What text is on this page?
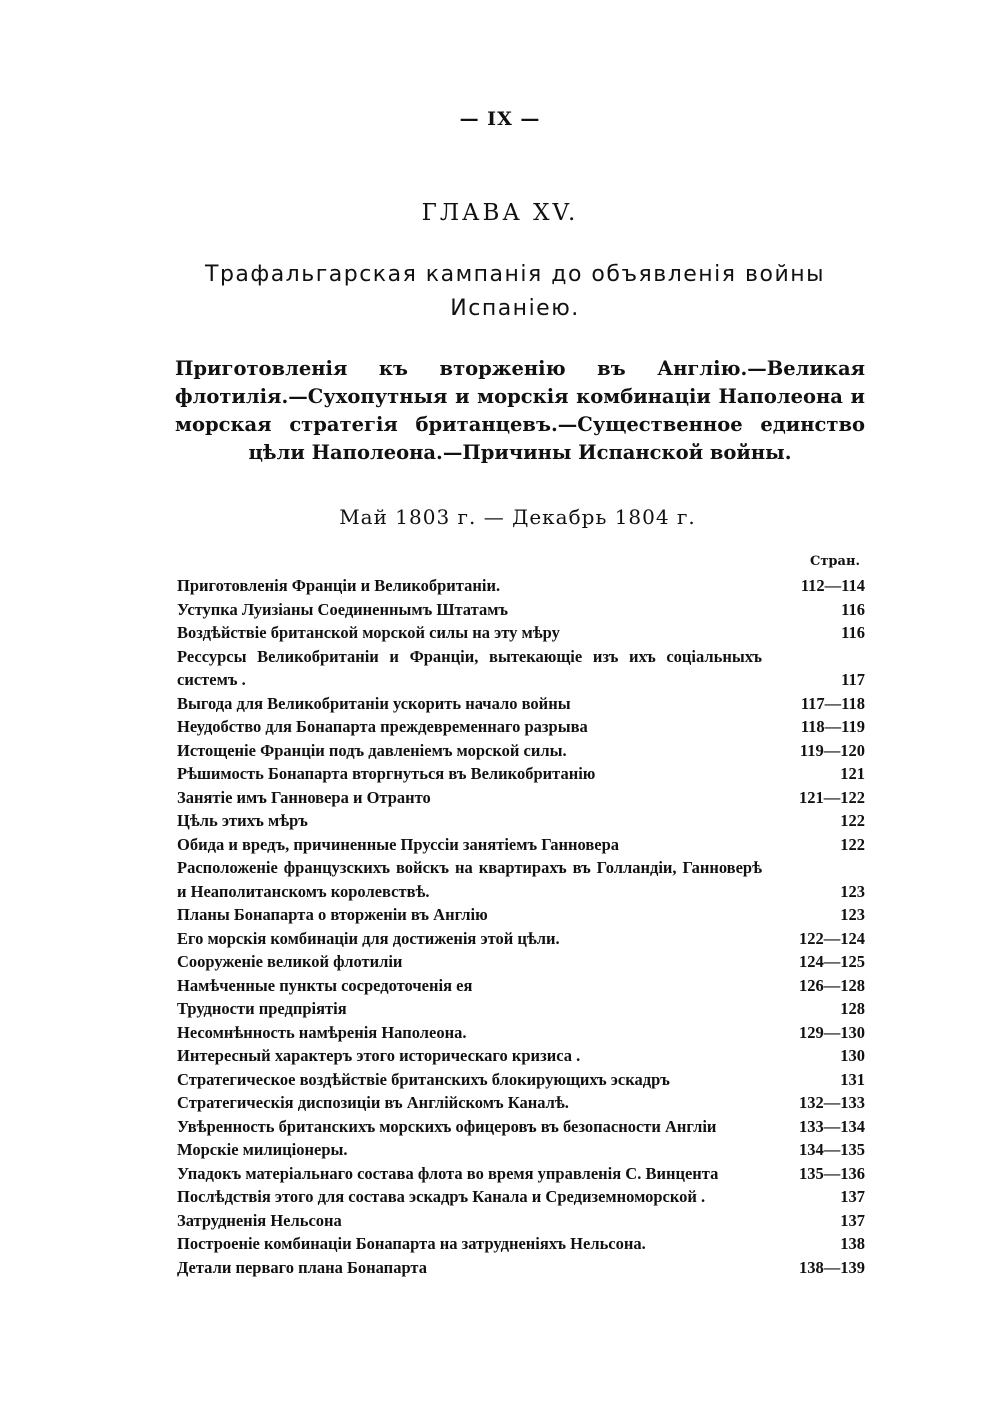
— IX —
ГЛАВА XV.
Трафальгарская кампанія до объявленія войны Испаніею.
Приготовленія къ вторженію въ Англію.—Великая флотилія.—Сухопутныя и морскія комбинаціи Наполеона и морская стратегія британцевъ.—Существенное единство цѣли Наполеона.—Причины Испанской войны.
Май 1803 г. — Декабрь 1804 г.
Стран.
Приготовленія Франціи и Великобританіи.	112—114
Уступка Луизіаны Соединеннымъ Штатамъ	116
Воздѣйствіе британской морской силы на эту мѣру	116
Рессурсы Великобританіи и Франціи, вытекающіе изъ ихъ соціальныхъ системъ .	117
Выгода для Великобританіи ускорить начало войны	117—118
Неудобство для Бонапарта преждевременнаго разрыва	118—119
Истощеніе Франціи подъ давленіемъ морской силы.	119—120
Рѣшимость Бонапарта вторгнуться въ Великобританію	121
Занятіе имъ Ганновера и Отранто	121—122
Цѣль этихъ мѣръ	122
Обида и вредъ, причиненные Пруссіи занятіемъ Ганновера	122
Расположеніе французскихъ войскъ на квартирахъ въ Голландіи, Ганноверѣ и Неаполитанскомъ королевствѣ.	123
Планы Бонапарта о вторженіи въ Англію	123
Его морскія комбинаціи для достиженія этой цѣли.	122—124
Сооруженіе великой флотиліи	124—125
Намѣченные пункты сосредоточенія ея	126—128
Трудности предпріятія	128
Несомнѣнность намѣренія Наполеона.	129—130
Интересный характеръ этого историческаго кризиса .	130
Стратегическое воздѣйствіе британскихъ блокирующихъ эскадръ	131
Стратегическія диспозиціи въ Англійскомъ Каналѣ.	132—133
Увѣренность британскихъ морскихъ офицеровъ въ безопасности Англіи	133—134
Морскіе милиціонеры.	134—135
Упадокъ матеріальнаго состава флота во время управленія С. Винцента	135—136
Послѣдствія этого для состава эскадръ Канала и Средиземноморской .	137
Затрудненія Нельсона	137
Построеніе комбинаціи Бонапарта на затрудненіяхъ Нельсона.	138
Детали перваго плана Бонапарта	138—139
